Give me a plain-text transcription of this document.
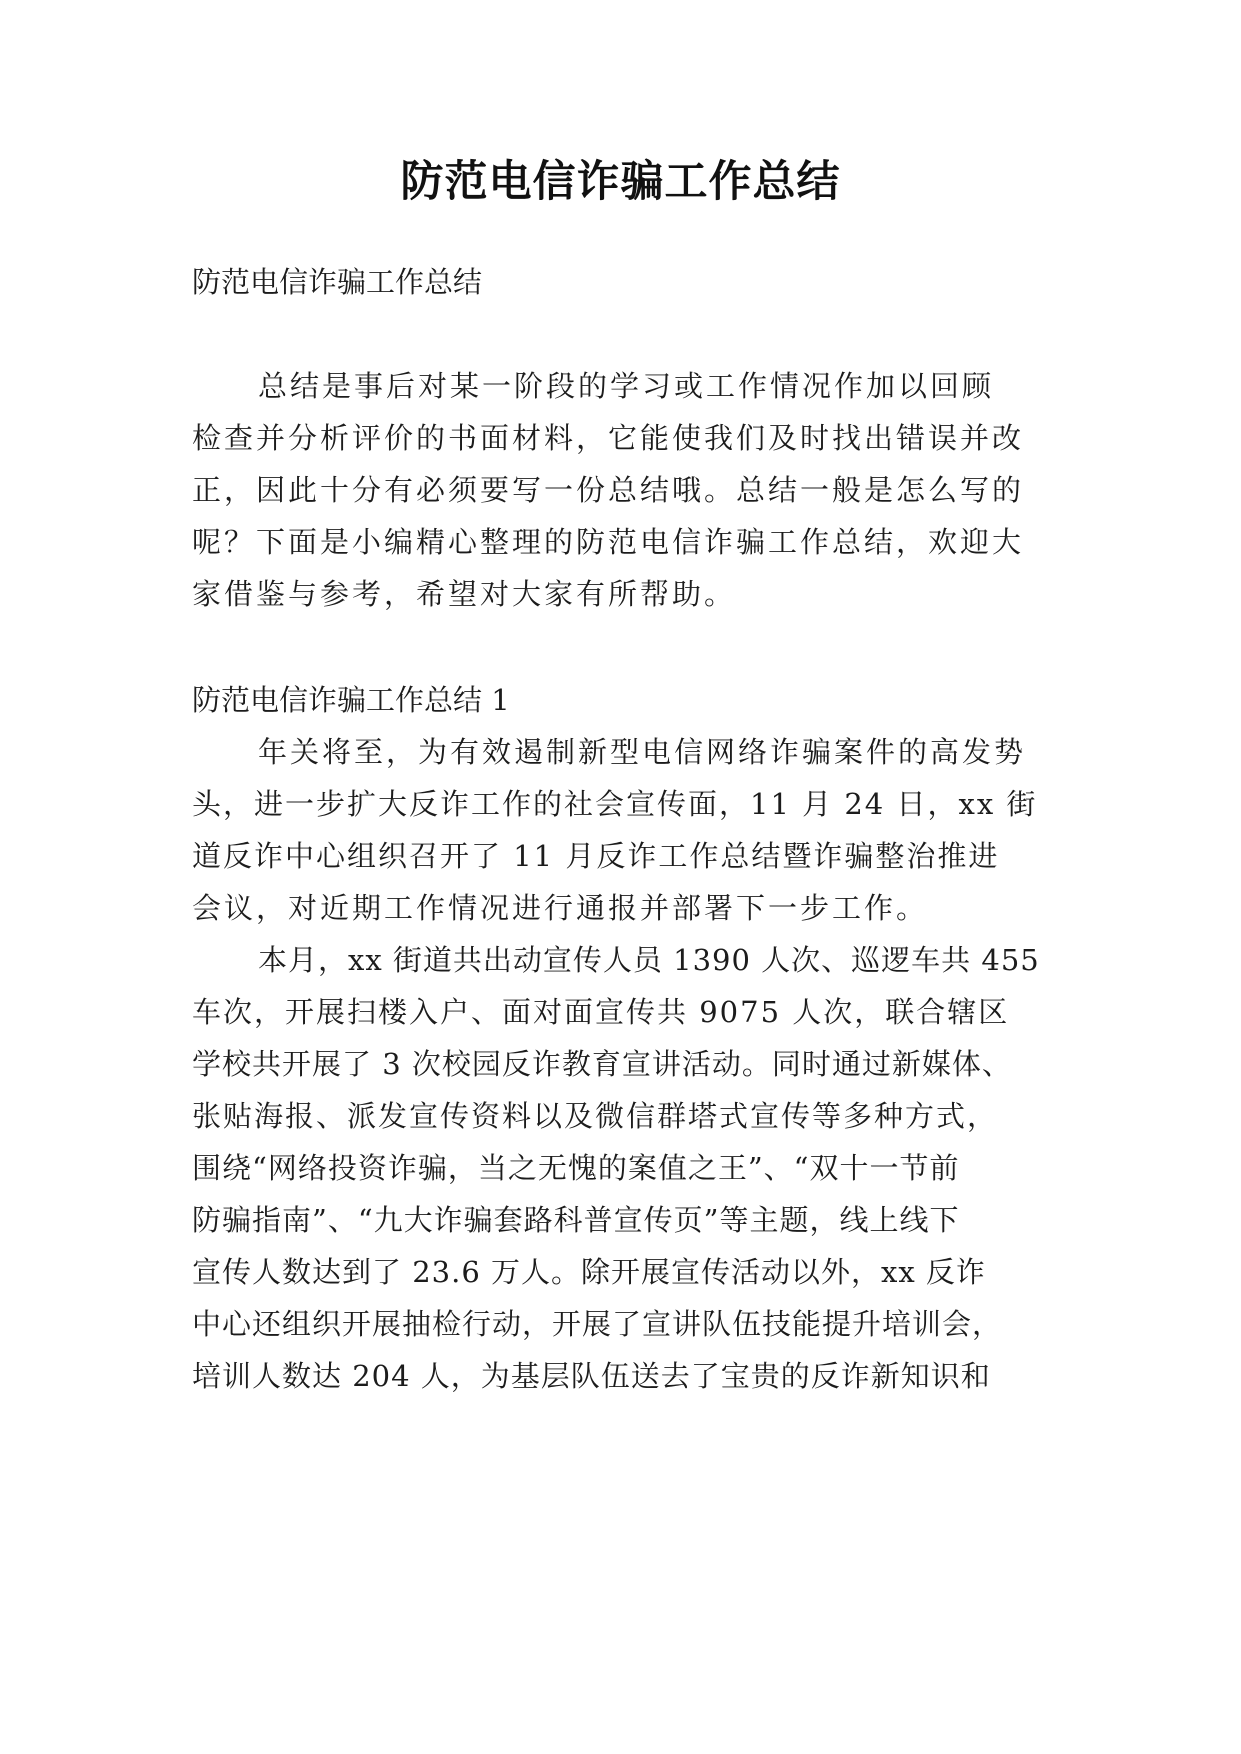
防范电信诈骗工作总结

防范电信诈骗工作总结

总结是事后对某一阶段的学习或工作情况作加以回顾

检查并分析评价的书面材料，它能使我们及时找出错误并改

正，因此十分有必须要写一份总结哦。总结一般是怎么写的

呢？下面是小编精心整理的防范电信诈骗工作总结，欢迎大

家借鉴与参考，希望对大家有所帮助。

防范电信诈骗工作总结 1

年关将至，为有效遏制新型电信网络诈骗案件的高发势

头，进一步扩大反诈工作的社会宣传面，11 月 24 日，xx 街

道反诈中心组织召开了 11 月反诈工作总结暨诈骗整治推进

会议，对近期工作情况进行通报并部署下一步工作。

本月，xx 街道共出动宣传人员 1390 人次、巡逻车共 455

车次，开展扫楼入户、面对面宣传共 9075 人次，联合辖区

学校共开展了 3 次校园反诈教育宣讲活动。同时通过新媒体、

张贴海报、派发宣传资料以及微信群塔式宣传等多种方式，

围绕“网络投资诈骗，当之无愧的案值之王”、“双十一节前

防骗指南”、“九大诈骗套路科普宣传页”等主题，线上线下

宣传人数达到了 23.6 万人。除开展宣传活动以外，xx 反诈

中心还组织开展抽检行动，开展了宣讲队伍技能提升培训会，

培训人数达 204 人，为基层队伍送去了宝贵的反诈新知识和
